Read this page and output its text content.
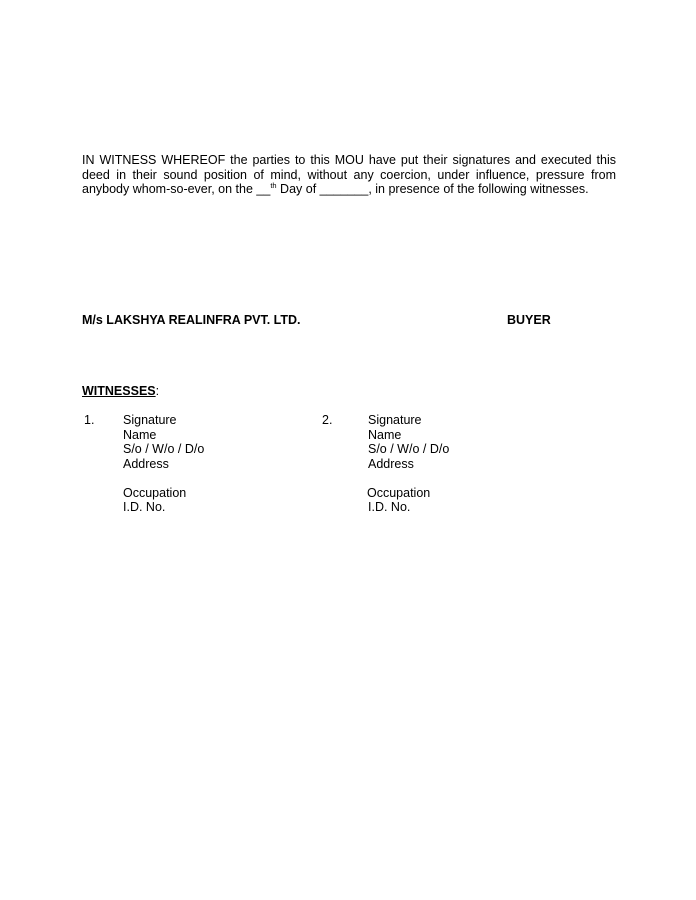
IN WITNESS WHEREOF the parties to this MOU have put their signatures and executed this deed in their sound position of mind, without any coercion, under influence, pressure from anybody whom-so-ever, on the __$^{th}$ Day of _______, in presence of the following witnesses.

M/s LAKSHYA REALINFRA PVT. LTD.	BUYER
WITNESSES:
1. Signature
Name
S/o / W/o / D/o
Address
Occupation
I.D. No.
2.	Signature
Name
S/o / W/o / D/o
Address
Occupation
I.D. No.
